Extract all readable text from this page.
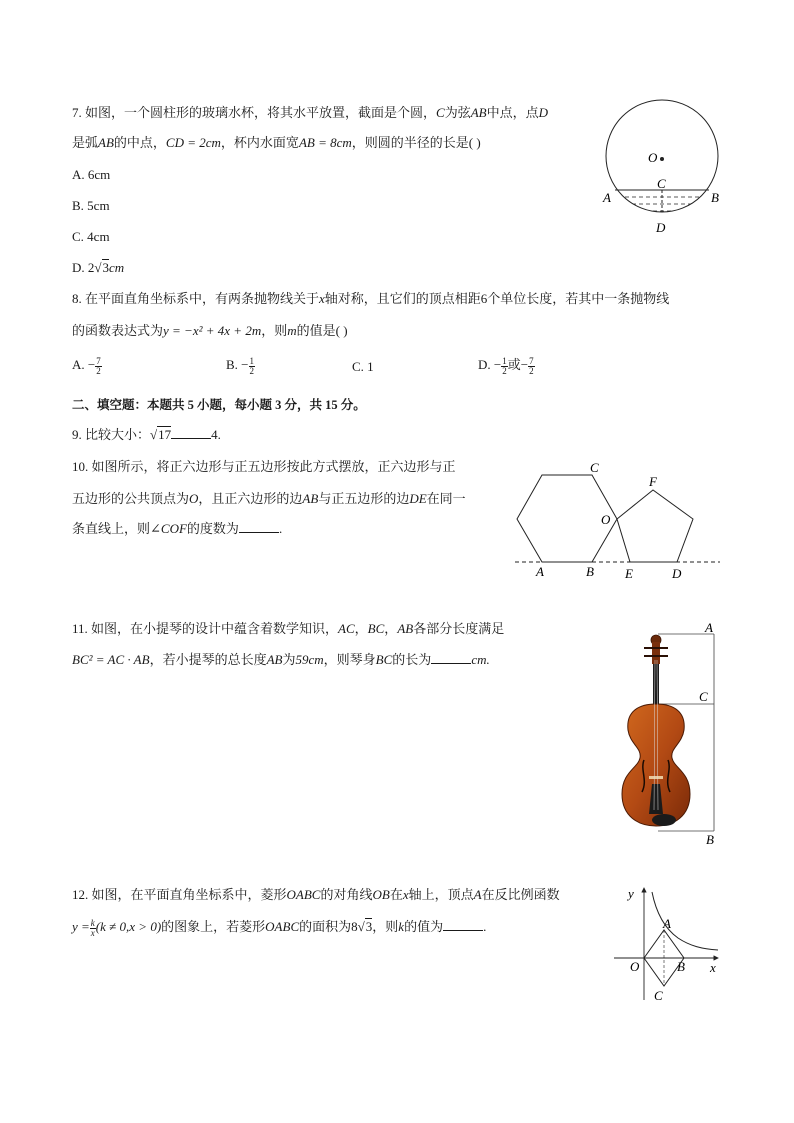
7. 如图，一个圆柱形的玻璃水杯，将其水平放置，截面是个圆，C为弦AB中点，点D
是弧AB的中点，CD = 2cm，杯内水面宽AB = 8cm，则圆的半径的长是( )
A. 6cm
B. 5cm
C. 4cm
D. 2√3cm
O
C
A	B
D
8. 在平面直角坐标系中，有两条抛物线关于x轴对称，且它们的顶点相距6个单位长度，若其中一条抛物线
的函数表达式为y = −x² + 4x + 2m，则m的值是( )
A. − $\frac{7}{2}$	B. − $\frac{1}{2}$	C. 1	D. − $\frac{1}{2}$ 或− $\frac{7}{2}$
二、填空题：本题共 5 小题，每小题 3 分，共 15 分。
9. 比较大小：√17	4.
10. 如图所示，将正六边形与正五边形按此方式摆放，正六边形与正
五边形的公共顶点为O，且正六边形的边AB与正五边形的边DE在同一
条直线上，则∠COF的度数为	.
C
F
O
A	B E	D
11. 如图，在小提琴的设计中蕴含着数学知识，AC，BC，AB各部分长度满足
BC² = AC · AB，若小提琴的总长度AB为59cm，则琴身BC的长为	cm.
A
C
B
12. 如图，在平面直角坐标系中，菱形OABC的对角线OB在x轴上，顶点A在反比例函数
$y = \frac{k}{x} (k \ne 0,x > 0)$的图象上，若菱形OABC的面积为8√3，则k的值为	.
y
A
O	B x
C
